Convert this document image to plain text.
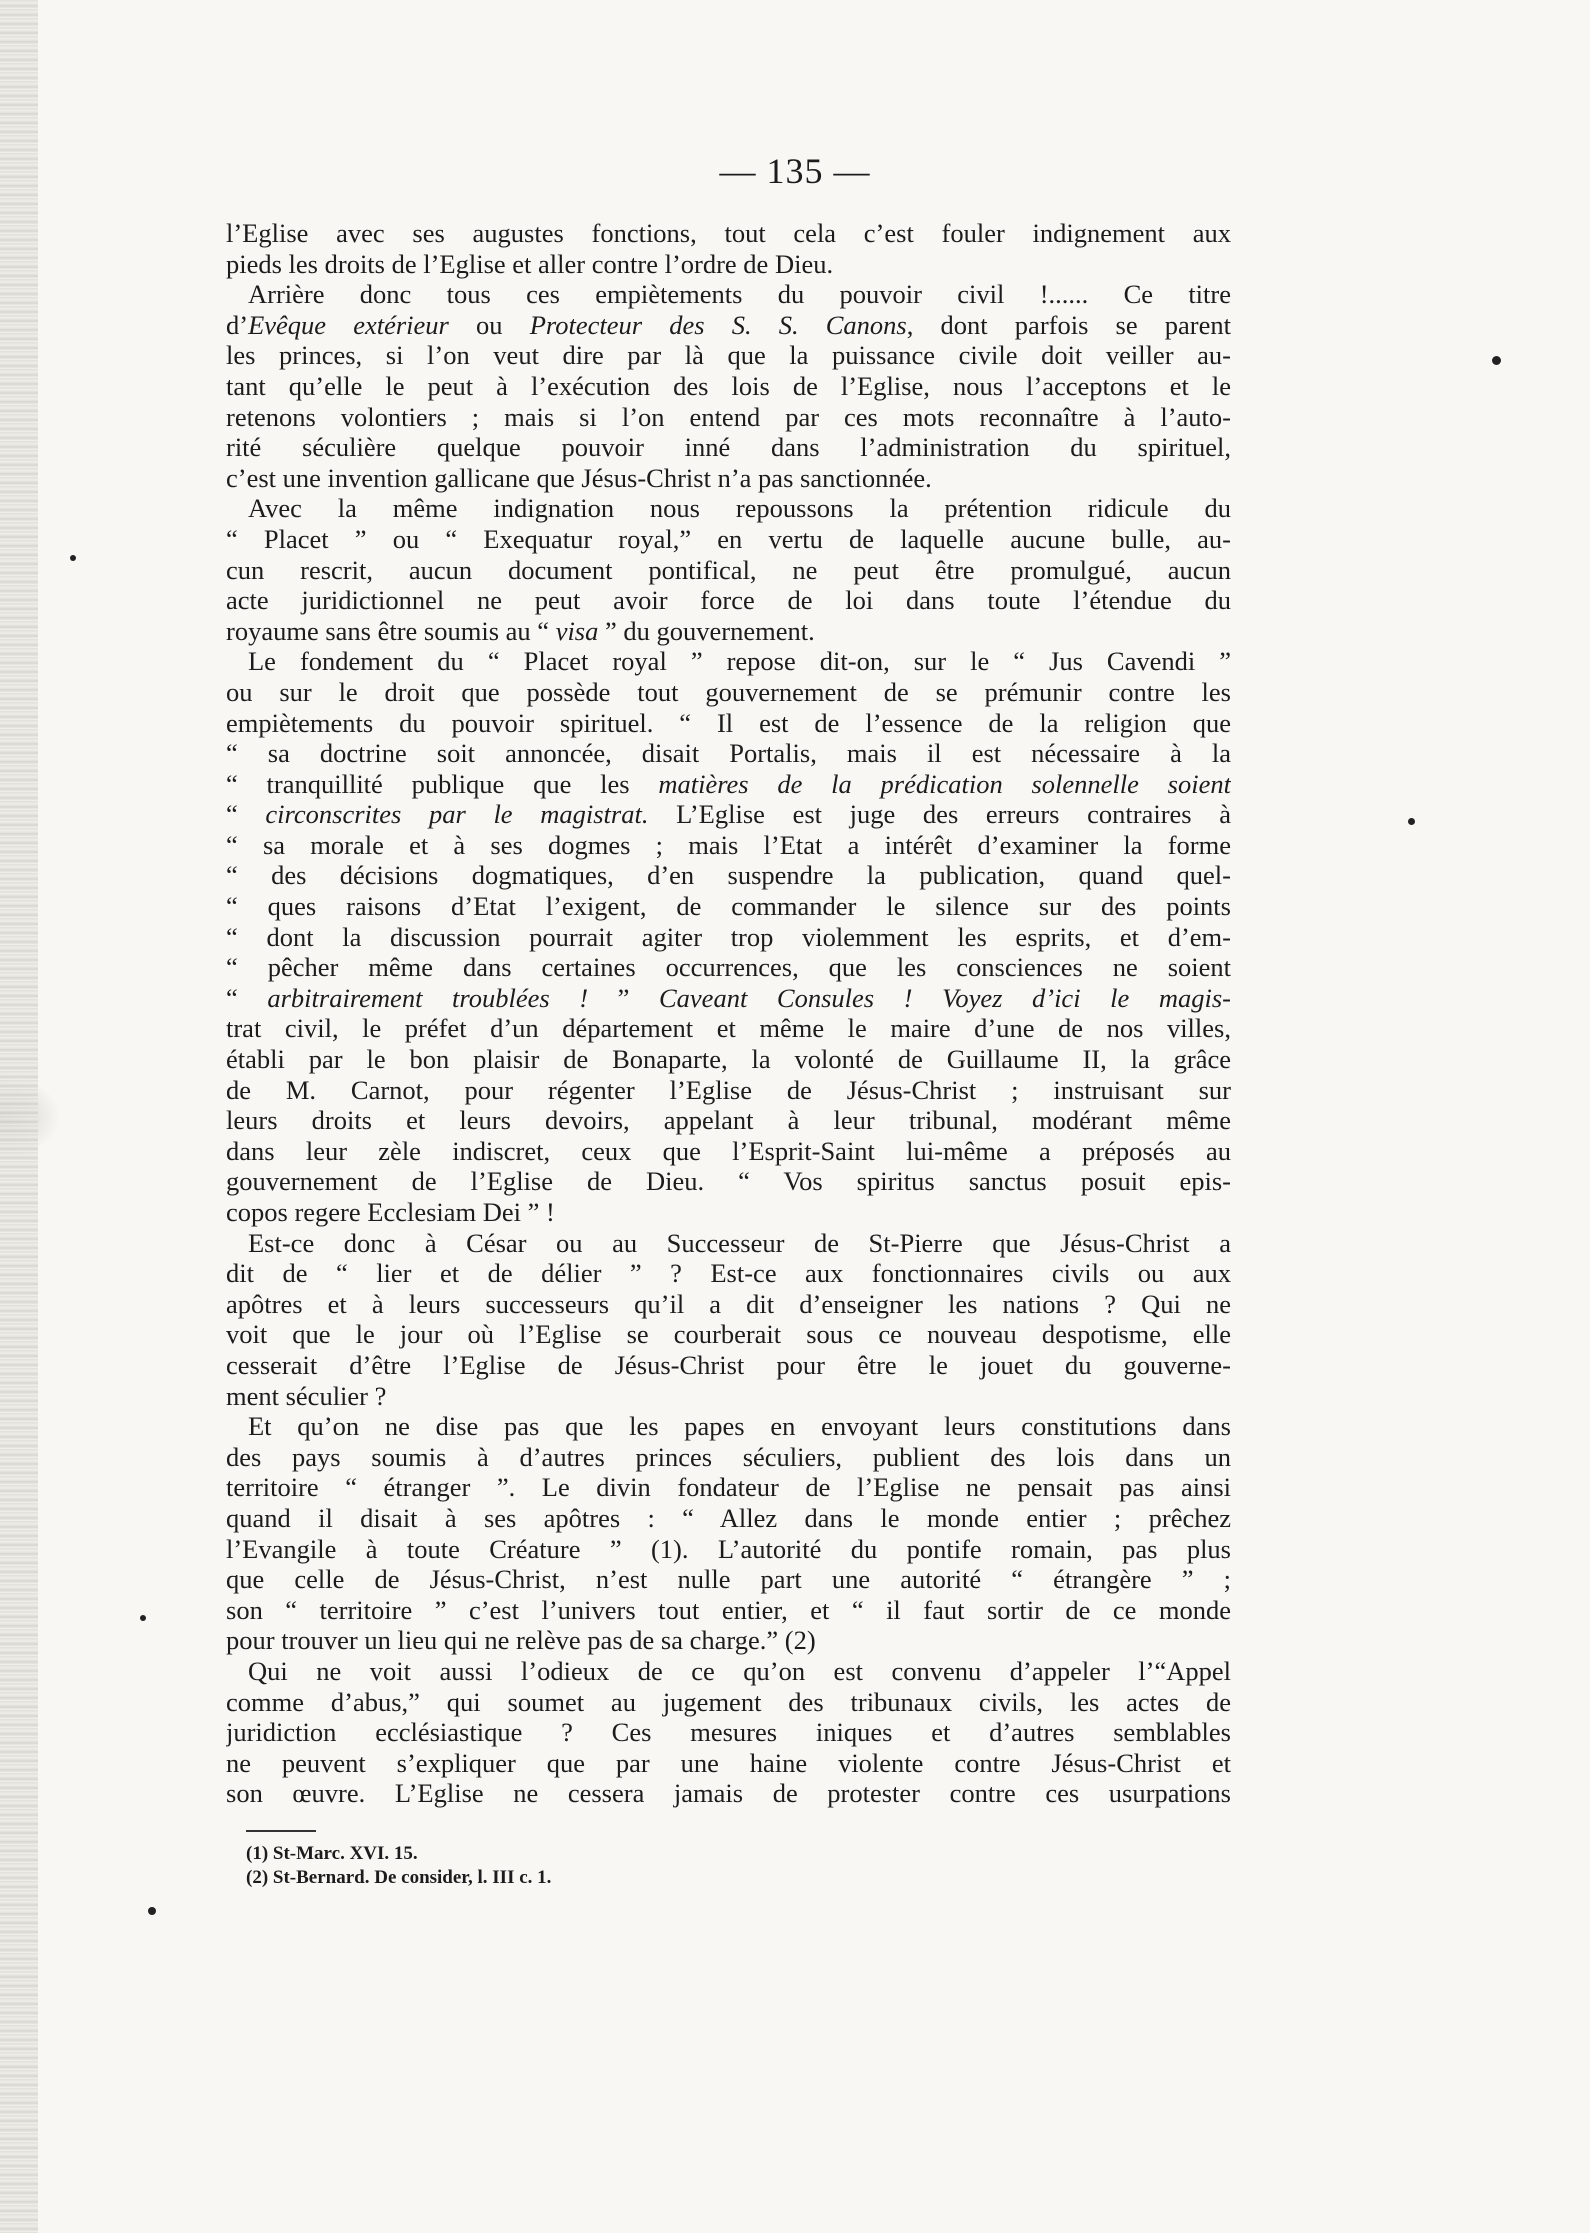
— 135 —
l’Eglise avec ses augustes fonctions, tout cela c’est fouler indignement aux
pieds les droits de l’Eglise et aller contre l’ordre de Dieu.
Arrière donc tous ces empiètements du pouvoir civil !...... Ce titre
d’Evêque extérieur ou Protecteur des S. S. Canons, dont parfois se parent
les princes, si l’on veut dire par là que la puissance civile doit veiller au-
tant qu’elle le peut à l’exécution des lois de l’Eglise, nous l’acceptons et le
retenons volontiers ; mais si l’on entend par ces mots reconnaître à l’auto-
rité séculière quelque pouvoir inné dans l’administration du spirituel,
c’est une invention gallicane que Jésus-Christ n’a pas sanctionnée.
Avec la même indignation nous repoussons la prétention ridicule du
“ Placet ” ou “ Exequatur royal,” en vertu de laquelle aucune bulle, au-
cun rescrit, aucun document pontifical, ne peut être promulgué, aucun
acte juridictionnel ne peut avoir force de loi dans toute l’étendue du
royaume sans être soumis au “ visa ” du gouvernement.
Le fondement du “ Placet royal ” repose dit-on, sur le “ Jus Cavendi ”
ou sur le droit que possède tout gouvernement de se prémunir contre les
empiètements du pouvoir spirituel. “ Il est de l’essence de la religion que
“ sa doctrine soit annoncée, disait Portalis, mais il est nécessaire à la
“ tranquillité publique que les matières de la prédication solennelle soient
“ circonscrites par le magistrat. L’Eglise est juge des erreurs contraires à
“ sa morale et à ses dogmes ; mais l’Etat a intérêt d’examiner la forme
“ des décisions dogmatiques, d’en suspendre la publication, quand quel-
“ ques raisons d’Etat l’exigent, de commander le silence sur des points
“ dont la discussion pourrait agiter trop violemment les esprits, et d’em-
“ pêcher même dans certaines occurrences, que les consciences ne soient
“ arbitrairement troublées ! ” Caveant Consules ! Voyez d’ici le magis-
trat civil, le préfet d’un département et même le maire d’une de nos villes,
établi par le bon plaisir de Bonaparte, la volonté de Guillaume II, la grâce
de M. Carnot, pour régenter l’Eglise de Jésus-Christ ; instruisant sur
leurs droits et leurs devoirs, appelant à leur tribunal, modérant même
dans leur zèle indiscret, ceux que l’Esprit-Saint lui-même a préposés au
gouvernement de l’Eglise de Dieu. “ Vos spiritus sanctus posuit epis-
copos regere Ecclesiam Dei ” !
Est-ce donc à César ou au Successeur de St-Pierre que Jésus-Christ a
dit de “ lier et de délier ” ? Est-ce aux fonctionnaires civils ou aux
apôtres et à leurs successeurs qu’il a dit d’enseigner les nations ? Qui ne
voit que le jour où l’Eglise se courberait sous ce nouveau despotisme, elle
cesserait d’être l’Eglise de Jésus-Christ pour être le jouet du gouverne-
ment séculier ?
Et qu’on ne dise pas que les papes en envoyant leurs constitutions dans
des pays soumis à d’autres princes séculiers, publient des lois dans un
territoire “ étranger ”. Le divin fondateur de l’Eglise ne pensait pas ainsi
quand il disait à ses apôtres : “ Allez dans le monde entier ; prêchez
l’Evangile à toute Créature ” (1). L’autorité du pontife romain, pas plus
que celle de Jésus-Christ, n’est nulle part une autorité “ étrangère ” ;
son “ territoire ” c’est l’univers tout entier, et “ il faut sortir de ce monde
pour trouver un lieu qui ne relève pas de sa charge.” (2)
Qui ne voit aussi l’odieux de ce qu’on est convenu d’appeler l’“Appel
comme d’abus,” qui soumet au jugement des tribunaux civils, les actes de
juridiction ecclésiastique ? Ces mesures iniques et d’autres semblables
ne peuvent s’expliquer que par une haine violente contre Jésus-Christ et
son œuvre. L’Eglise ne cessera jamais de protester contre ces usurpations
(1) St-Marc. XVI. 15.
(2) St-Bernard. De consider, l. III c. 1.
